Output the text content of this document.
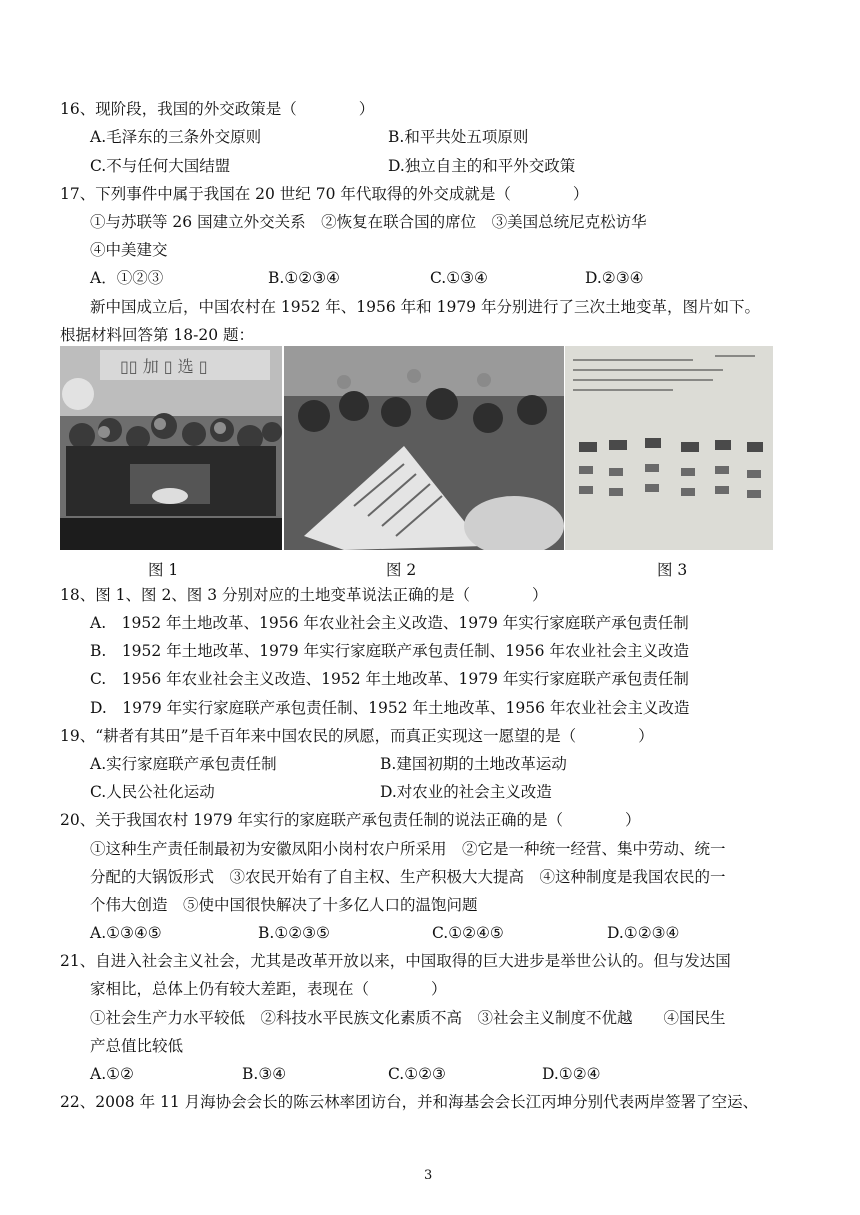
16、现阶段，我国的外交政策是（　　　　）
A.毛泽东的三条外交原则	B.和平共处五项原则
C.不与任何大国结盟	D.独立自主的和平外交政策
17、下列事件中属于我国在 20 世纪 70 年代取得的外交成就是（　　　　）
①与苏联等 26 国建立外交关系　②恢复在联合国的席位　③美国总统尼克松访华
④中美建交
A．①②③	B.①②③④	C.①③④	D.②③④
新中国成立后，中国农村在 1952 年、1956 年和 1979 年分别进行了三次土地变革，图片如下。
根据材料回答第 18-20 题：
▯▯ 加 ▯ 选 ▯
图 1	图 2	图 3
18、图 1、图 2、图 3 分别对应的土地变革说法正确的是（　　　　）
A.　1952 年土地改革、1956 年农业社会主义改造、1979 年实行家庭联产承包责任制
B.　1952 年土地改革、1979 年实行家庭联产承包责任制、1956 年农业社会主义改造
C.　1956 年农业社会主义改造、1952 年土地改革、1979 年实行家庭联产承包责任制
D.　1979 年实行家庭联产承包责任制、1952 年土地改革、1956 年农业社会主义改造
19、“耕者有其田”是千百年来中国农民的夙愿，而真正实现这一愿望的是（　　　　）
A.实行家庭联产承包责任制	B.建国初期的土地改革运动
C.人民公社化运动	D.对农业的社会主义改造
20、关于我国农村 1979 年实行的家庭联产承包责任制的说法正确的是（　　　　）
①这种生产责任制最初为安徽凤阳小岗村农户所采用　②它是一种统一经营、集中劳动、统一
分配的大锅饭形式　③农民开始有了自主权、生产积极大大提高　④这种制度是我国农民的一
个伟大创造　⑤使中国很快解决了十多亿人口的温饱问题
A.①③④⑤	B.①②③⑤	C.①②④⑤	D.①②③④
21、自进入社会主义社会，尤其是改革开放以来，中国取得的巨大进步是举世公认的。但与发达国
家相比，总体上仍有较大差距，表现在（　　　　）
①社会生产力水平较低　②科技水平民族文化素质不高　③社会主义制度不优越　　④国民生
产总值比较低
A.①②	B.③④	C.①②③	D.①②④
22、2008 年 11 月海协会会长的陈云林率团访台，并和海基会会长江丙坤分别代表两岸签署了空运、
3
